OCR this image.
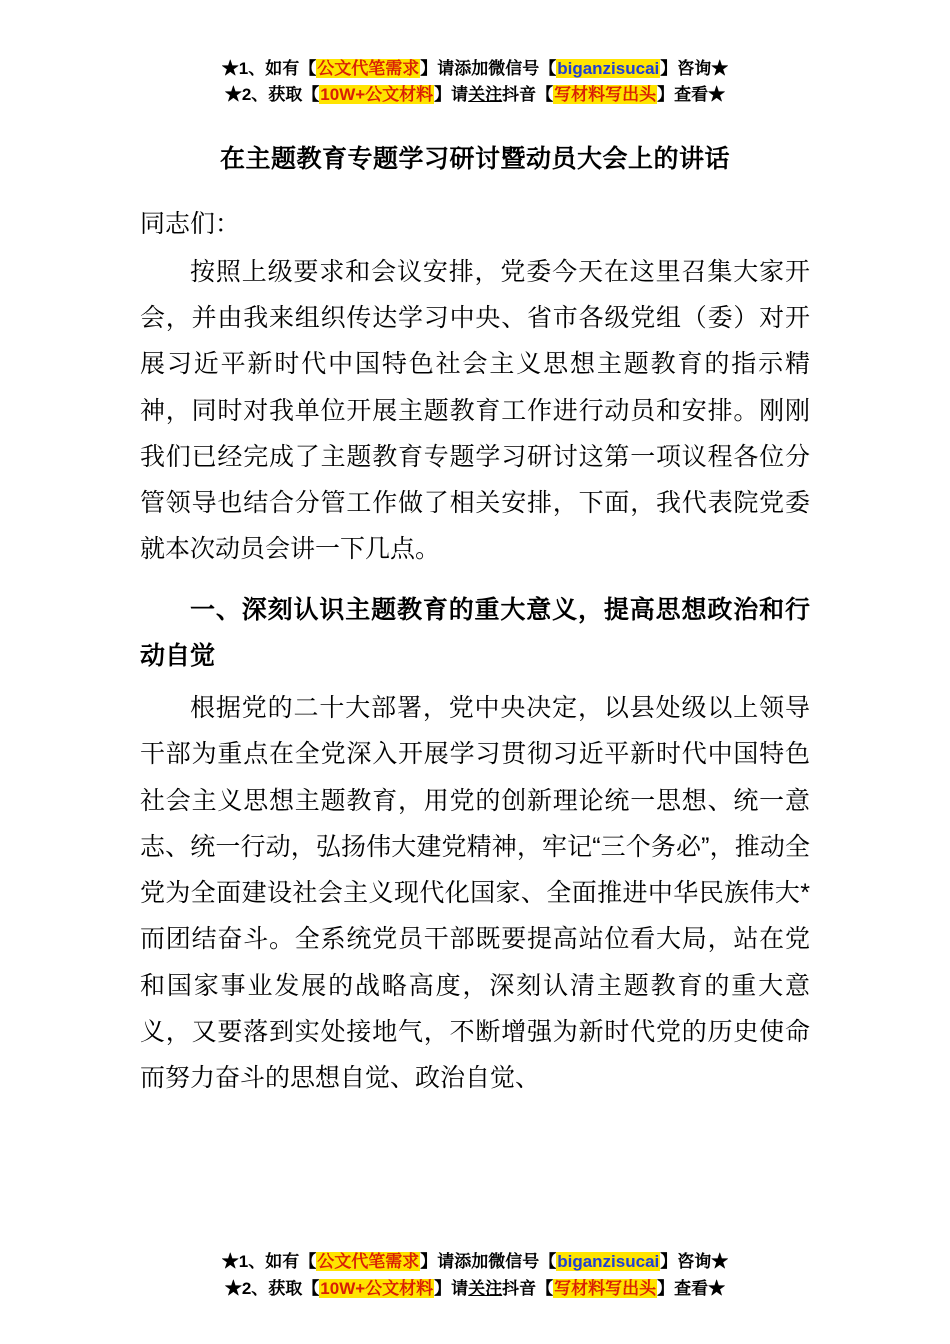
★1、如有【公文代笔需求】请添加微信号【biganzisucai】咨询★
★2、获取【10W+公文材料】请关注抖音【写材料写出头】查看★
在主题教育专题学习研讨暨动员大会上的讲话
同志们：

按照上级要求和会议安排，党委今天在这里召集大家开会，并由我来组织传达学习中央、省市各级党组（委）对开展习近平新时代中国特色社会主义思想主题教育的指示精神，同时对我单位开展主题教育工作进行动员和安排。刚刚我们已经完成了主题教育专题学习研讨这第一项议程各位分管领导也结合分管工作做了相关安排，下面，我代表院党委就本次动员会讲一下几点。

一、深刻认识主题教育的重大意义，提高思想政治和行动自觉

根据党的二十大部署，党中央决定，以县处级以上领导干部为重点在全党深入开展学习贯彻习近平新时代中国特色社会主义思想主题教育，用党的创新理论统一思想、统一意志、统一行动，弘扬伟大建党精神，牢记“三个务必”，推动全党为全面建设社会主义现代化国家、全面推进中华民族伟大*而团结奋斗。全系统党员干部既要提高站位看大局，站在党和国家事业发展的战略高度，深刻认清主题教育的重大意义，又要落到实处接地气，不断增强为新时代党的历史使命而努力奋斗的思想自觉、政治自觉、

★1、如有【公文代笔需求】请添加微信号【biganzisucai】咨询★
★2、获取【10W+公文材料】请关注抖音【写材料写出头】查看★
